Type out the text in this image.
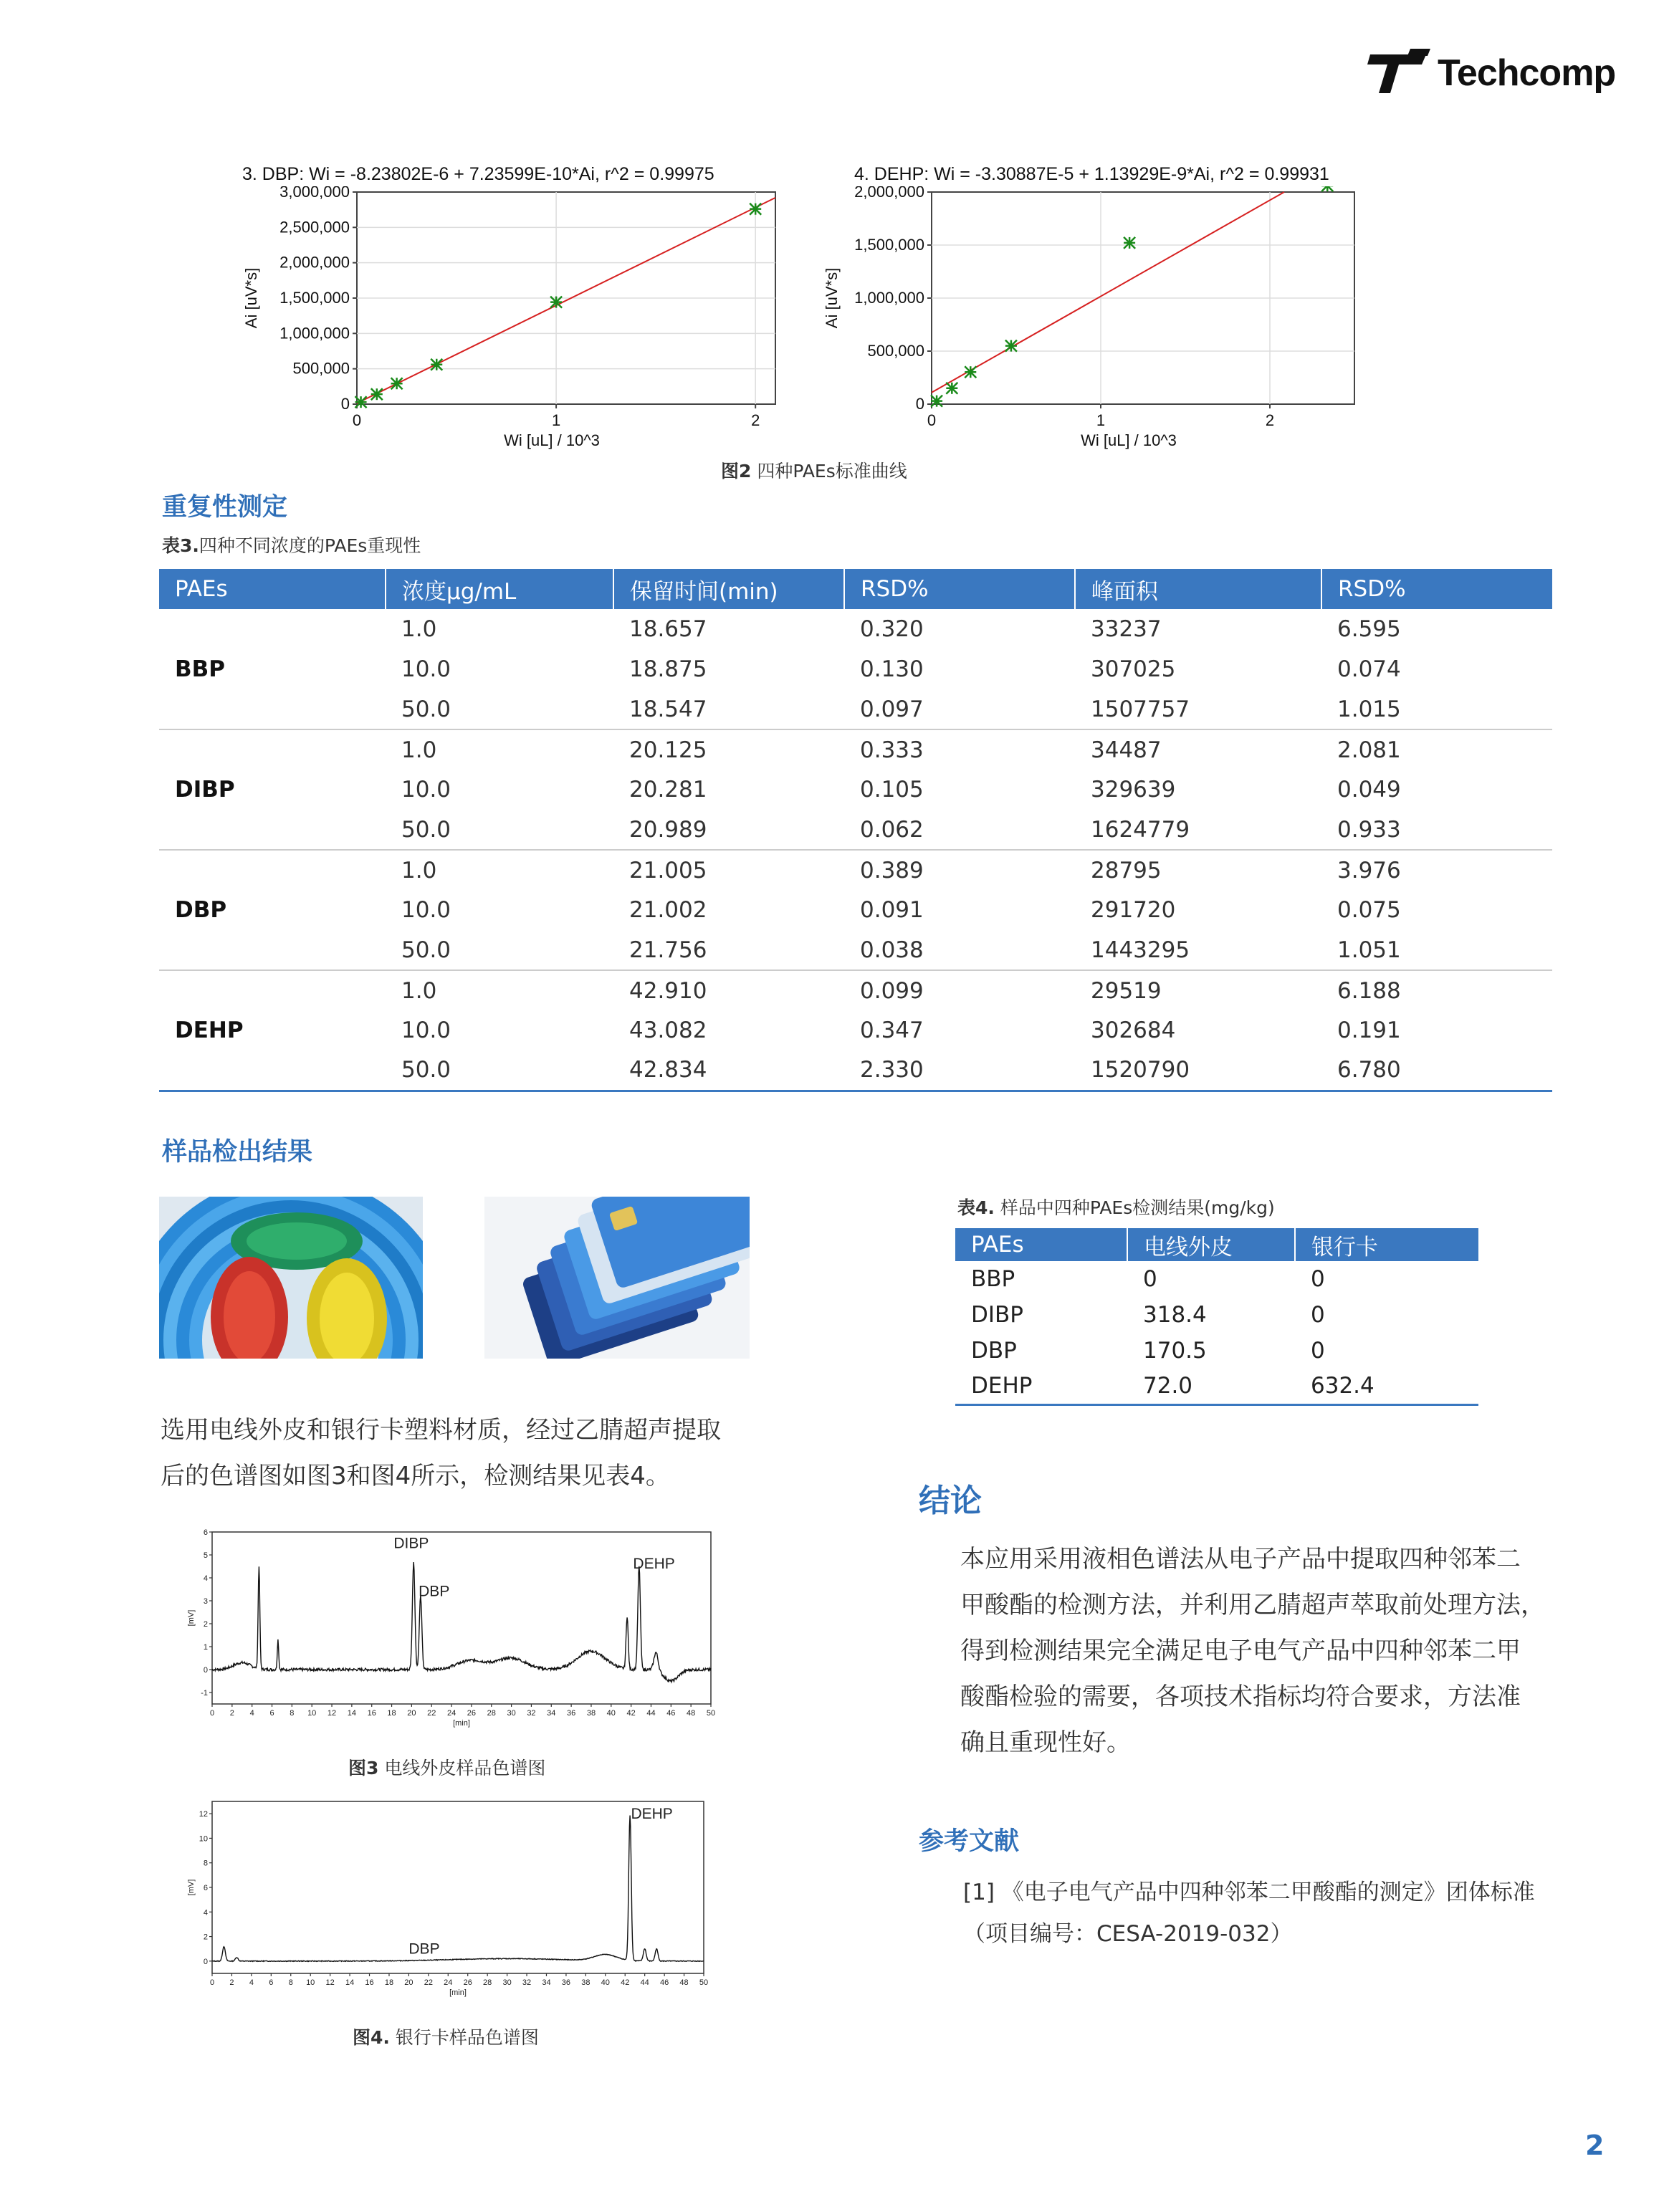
Techcomp
3. DBP: Wi = -8.23802E-6 + 7.23599E-10*Ai, r^2 = 0.99975
0
500,000
1,000,000
1,500,000
2,000,000
2,500,000
3,000,000
0	1	2
Wi [uL] / 10^3
Ai [uV*s]
4. DEHP: Wi = -3.30887E-5 + 1.13929E-9*Ai, r^2 = 0.99931
0
500,000
1,000,000
1,500,000
2,000,000
0	1	2
Wi [uL] / 10^3
Ai [uV*s]
图2 四种PAEs标准曲线
重复性测定
表3.四种不同浓度的PAEs重现性
PAEs	浓度μg/mL	保留时间(min)	RSD%	峰面积	RSD%
	1.0	18.657	0.320	33237	6.595
BBP	10.0	18.875	0.130	307025	0.074
	50.0	18.547	0.097	1507757	1.015
	1.0	20.125	0.333	34487	2.081
DIBP	10.0	20.281	0.105	329639	0.049
	50.0	20.989	0.062	1624779	0.933
	1.0	21.005	0.389	28795	3.976
DBP	10.0	21.002	0.091	291720	0.075
	50.0	21.756	0.038	1443295	1.051
	1.0	42.910	0.099	29519	6.188
DEHP	10.0	43.082	0.347	302684	0.191
	50.0	42.834	2.330	1520790	6.780
样品检出结果
表4. 样品中四种PAEs检测结果(mg/kg)
PAEs	电线外皮	银行卡
BBP	0	0
DIBP	318.4	0
DBP	170.5	0
DEHP	72.0	632.4
选用电线外皮和银行卡塑料材质，经过乙腈超声提取
后的色谱图如图3和图4所示，检测结果见表4。
-1
0
1
2
3
4
5
6
0 2 4 6 8 10 12 14 16 18 20 22 24 26 28 30 32 34 36 38 40 42 44 46 48 50
[min]
[mV]
DIBP
DBP
DEHP
图3 电线外皮样品色谱图
0
2
4
6
8
10
12
0 2 4 6 8 10 12 14 16 18 20 22 24 26 28 30 32 34 36 38 40 42 44 46 48 50
[min]
[mV]
DEHP
DBP
图4. 银行卡样品色谱图
结论
本应用采用液相色谱法从电子产品中提取四种邻苯二
甲酸酯的检测方法，并利用乙腈超声萃取前处理方法，
得到检测结果完全满足电子电气产品中四种邻苯二甲
酸酯检验的需要，各项技术指标均符合要求，方法准
确且重现性好。
参考文献
[1] 《电子电气产品中四种邻苯二甲酸酯的测定》团体标准
（项目编号：CESA-2019-032）
2
